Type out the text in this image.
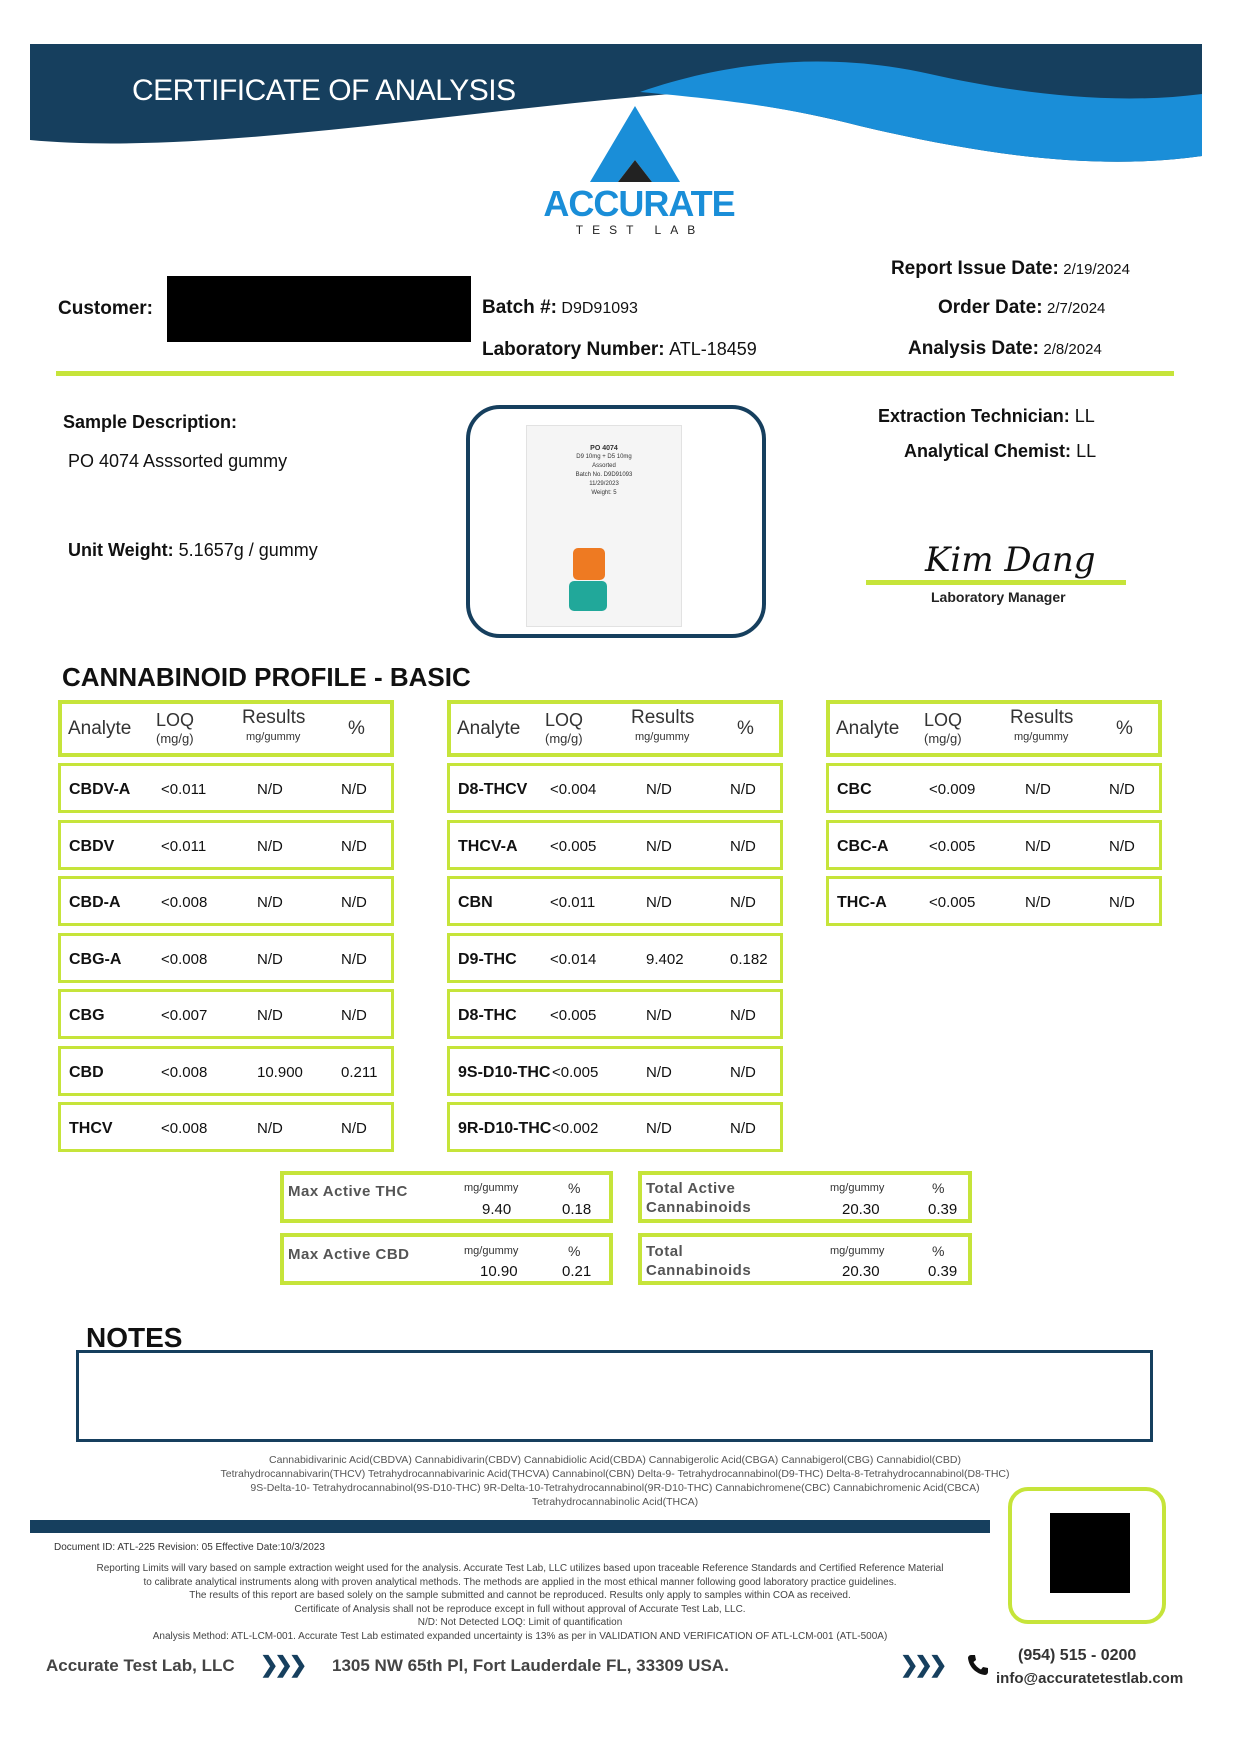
CERTIFICATE OF ANALYSIS
ACCURATE
TEST LAB
Customer:	Batch #: D9D91093
Laboratory Number: ATL-18459
Report Issue Date: 2/19/2024
Order Date: 2/7/2024
Analysis Date: 2/8/2024
Sample Description:
PO 4074 Asssorted gummy
Unit Weight: 5.1657g / gummy
PO 4074
D9 10mg + D5 10mg
Assorted
Batch No. D9D91093
11/29/2023
Weight: 5
Extraction Technician: LL
Analytical Chemist: LL
Kim Dang
Laboratory Manager
CANNABINOID PROFILE - BASIC
Analyte LOQ
(mg/g)
Results
mg/gummy	%
CBDV-A <0.011	N/D	N/D
CBDV	<0.011	N/D	N/D
CBD-A	<0.008	N/D	N/D
CBG-A	<0.008	N/D	N/D
CBG	<0.007	N/D	N/D
CBD	<0.008	10.900	0.211
THCV	<0.008	N/D	N/D
Analyte LOQ
(mg/g)
Results
mg/gummy	%
D8-THCV <0.004	N/D	N/D
THCV-A <0.005	N/D	N/D
CBN	<0.011	N/D	N/D
D9-THC <0.014	9.402	0.182
D8-THC <0.005	N/D	N/D
9S-D10-THC <0.005	N/D	N/D
9R-D10-THC <0.002	N/D	N/D
Analyte LOQ
(mg/g)
Results
mg/gummy	%
CBC	<0.009	N/D	N/D
CBC-A	<0.005	N/D	N/D
THC-A	<0.005	N/D	N/D
Max Active THC	mg/gummy	%
9.40	0.18
Max Active CBD	mg/gummy	%
10.90	0.21
Total Active
Cannabinoids
mg/gummy	%
20.30	0.39
Total
Cannabinoids
mg/gummy	%
20.30	0.39
NOTES
Cannabidivarinic Acid(CBDVA) Cannabidivarin(CBDV) Cannabidiolic Acid(CBDA) Cannabigerolic Acid(CBGA) Cannabigerol(CBG) Cannabidiol(CBD)
Tetrahydrocannabivarin(THCV) Tetrahydrocannabivarinic Acid(THCVA) Cannabinol(CBN) Delta-9- Tetrahydrocannabinol(D9-THC) Delta-8-Tetrahydrocannabinol(D8-THC)
9S-Delta-10- Tetrahydrocannabinol(9S-D10-THC) 9R-Delta-10-Tetrahydrocannabinol(9R-D10-THC) Cannabichromene(CBC) Cannabichromenic Acid(CBCA)
Tetrahydrocannabinolic Acid(THCA)
Document ID: ATL-225 Revision: 05 Effective Date:10/3/2023
Reporting Limits will vary based on sample extraction weight used for the analysis. Accurate Test Lab, LLC utilizes based upon traceable Reference Standards and Certified Reference Material
to calibrate analytical instruments along with proven analytical methods. The methods are applied in the most ethical manner following good laboratory practice guidelines.
The results of this report are based solely on the sample submitted and cannot be reproduced. Results only apply to samples within COA as received.
Certificate of Analysis shall not be reproduce except in full without approval of Accurate Test Lab, LLC.
N/D: Not Detected LOQ: Limit of quantification
Analysis Method: ATL-LCM-001. Accurate Test Lab estimated expanded uncertainty is 13% as per in VALIDATION AND VERIFICATION OF ATL-LCM-001 (ATL-500A)
Accurate Test Lab, LLC ❯❯❯ 1305 NW 65th Pl, Fort Lauderdale FL, 33309 USA.	❯❯❯	(954) 515 - 0200
info@accuratetestlab.com
